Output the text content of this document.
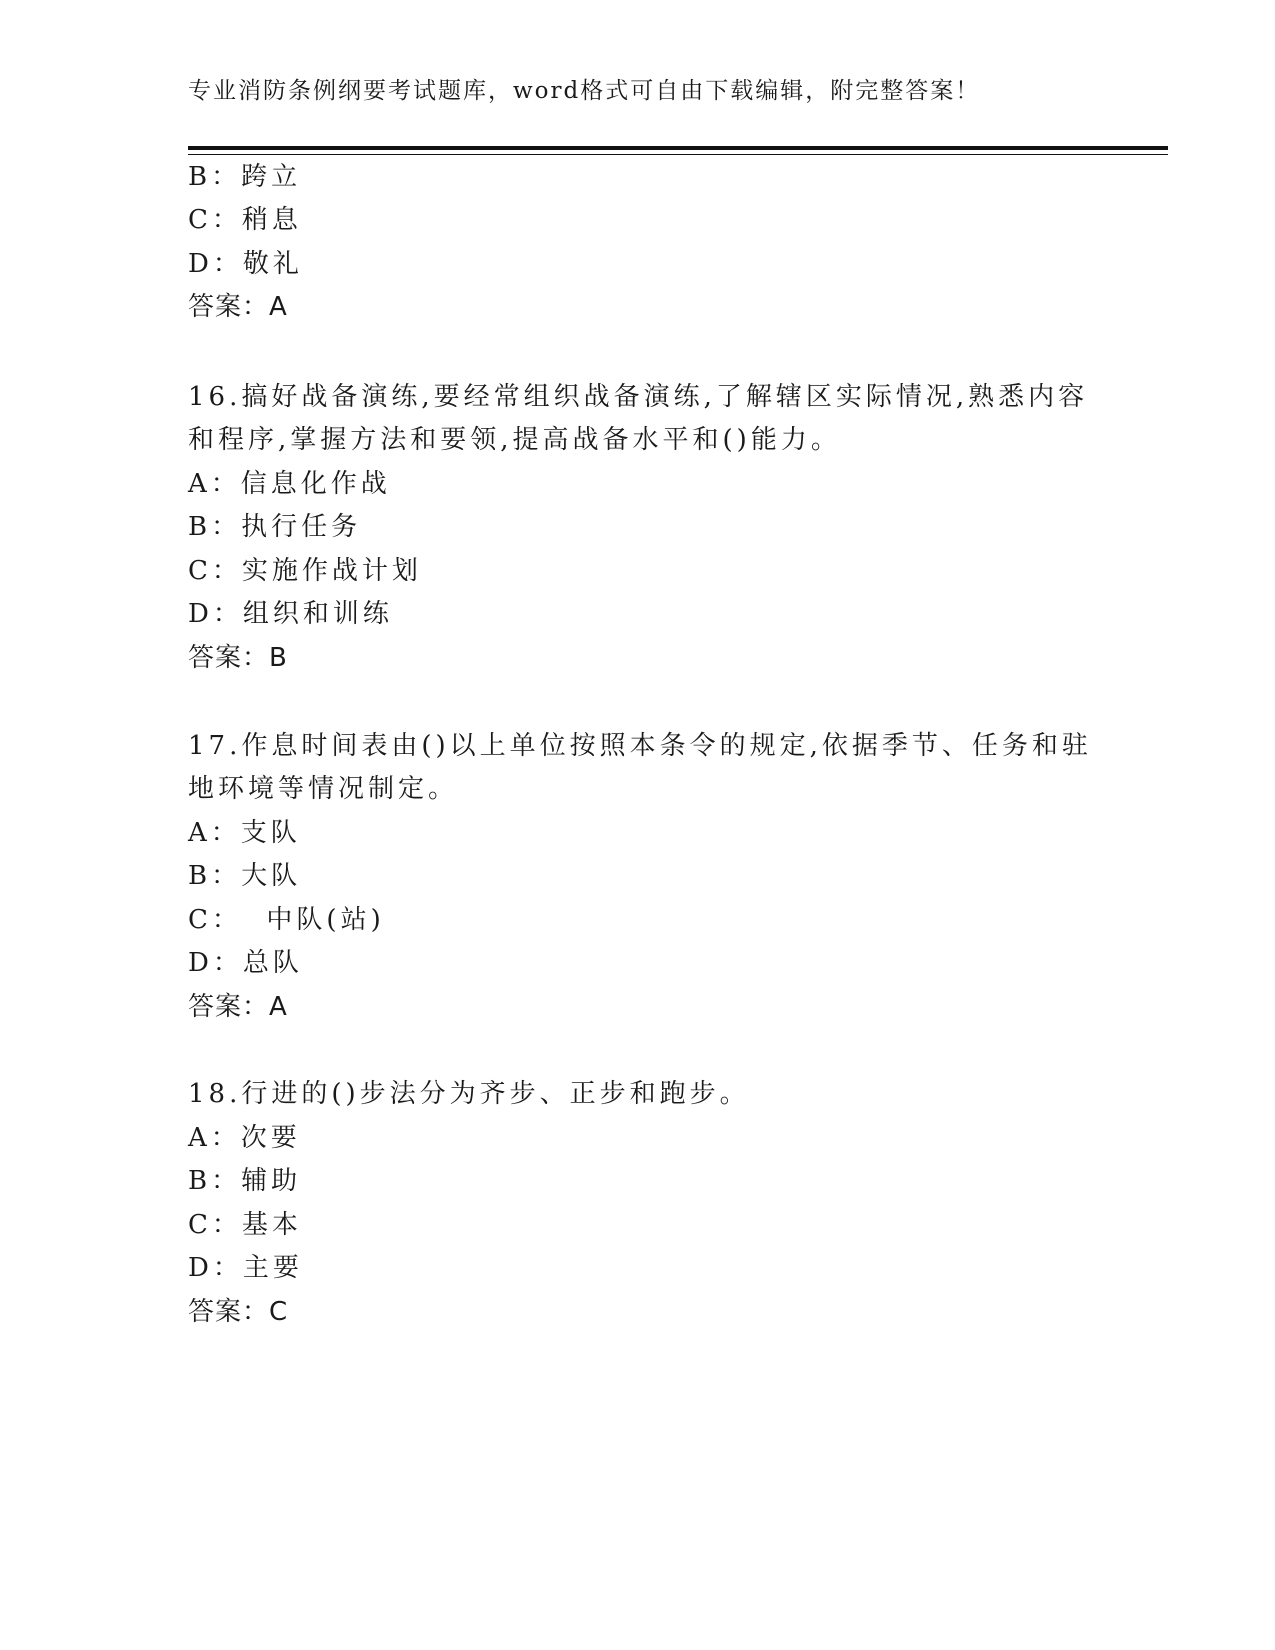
专业消防条例纲要考试题库，word格式可自由下载编辑，附完整答案！
B：跨立
C：稍息
D：敬礼
答案：A
16.搞好战备演练,要经常组织战备演练,了解辖区实际情况,熟悉内容
和程序,掌握方法和要领,提高战备水平和()能力。
A：信息化作战
B：执行任务
C：实施作战计划
D：组织和训练
答案：B
17.作息时间表由()以上单位按照本条令的规定,依据季节、任务和驻
地环境等情况制定。
A：支队
B：大队
C：  中队(站)
D：总队
答案：A
18.行进的()步法分为齐步、正步和跑步。
A：次要
B：辅助
C：基本
D：主要
答案：C
